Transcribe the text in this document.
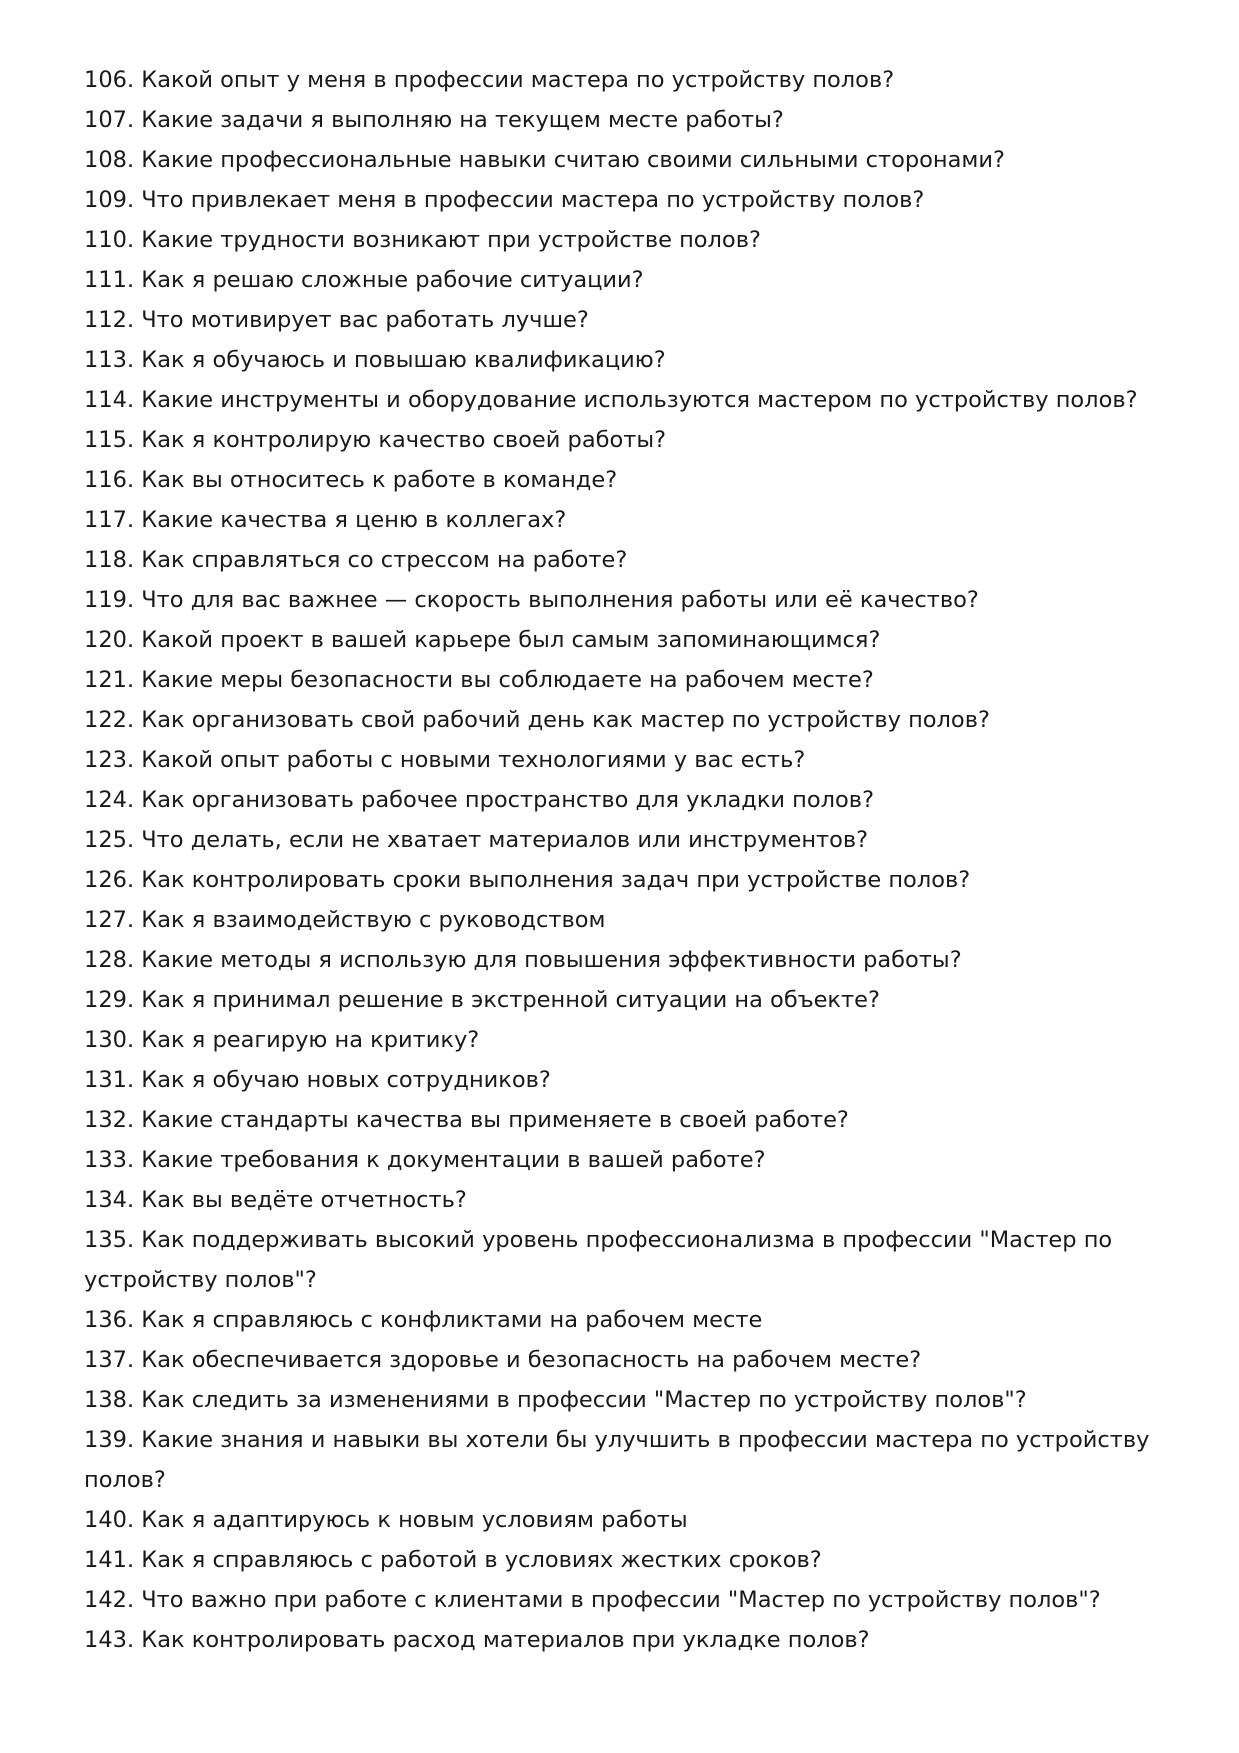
106. Какой опыт у меня в профессии мастера по устройству полов?

107. Какие задачи я выполняю на текущем месте работы?

108. Какие профессиональные навыки считаю своими сильными сторонами?

109. Что привлекает меня в профессии мастера по устройству полов?

110. Какие трудности возникают при устройстве полов?

111. Как я решаю сложные рабочие ситуации?

112. Что мотивирует вас работать лучше?

113. Как я обучаюсь и повышаю квалификацию?

114. Какие инструменты и оборудование используются мастером по устройству полов?

115. Как я контролирую качество своей работы?

116. Как вы относитесь к работе в команде?

117. Какие качества я ценю в коллегах?

118. Как справляться со стрессом на работе?

119. Что для вас важнее — скорость выполнения работы или её качество?

120. Какой проект в вашей карьере был самым запоминающимся?

121. Какие меры безопасности вы соблюдаете на рабочем месте?

122. Как организовать свой рабочий день как мастер по устройству полов?

123. Какой опыт работы с новыми технологиями у вас есть?

124. Как организовать рабочее пространство для укладки полов?

125. Что делать, если не хватает материалов или инструментов?

126. Как контролировать сроки выполнения задач при устройстве полов?

127. Как я взаимодействую с руководством

128. Какие методы я использую для повышения эффективности работы?

129. Как я принимал решение в экстренной ситуации на объекте?

130. Как я реагирую на критику?

131. Как я обучаю новых сотрудников?

132. Какие стандарты качества вы применяете в своей работе?

133. Какие требования к документации в вашей работе?

134. Как вы ведёте отчетность?

135. Как поддерживать высокий уровень профессионализма в профессии "Мастер по устройству полов"?

136. Как я справляюсь с конфликтами на рабочем месте

137. Как обеспечивается здоровье и безопасность на рабочем месте?

138. Как следить за изменениями в профессии "Мастер по устройству полов"?

139. Какие знания и навыки вы хотели бы улучшить в профессии мастера по устройству полов?

140. Как я адаптируюсь к новым условиям работы

141. Как я справляюсь с работой в условиях жестких сроков?

142. Что важно при работе с клиентами в профессии "Мастер по устройству полов"?

143. Как контролировать расход материалов при укладке полов?
